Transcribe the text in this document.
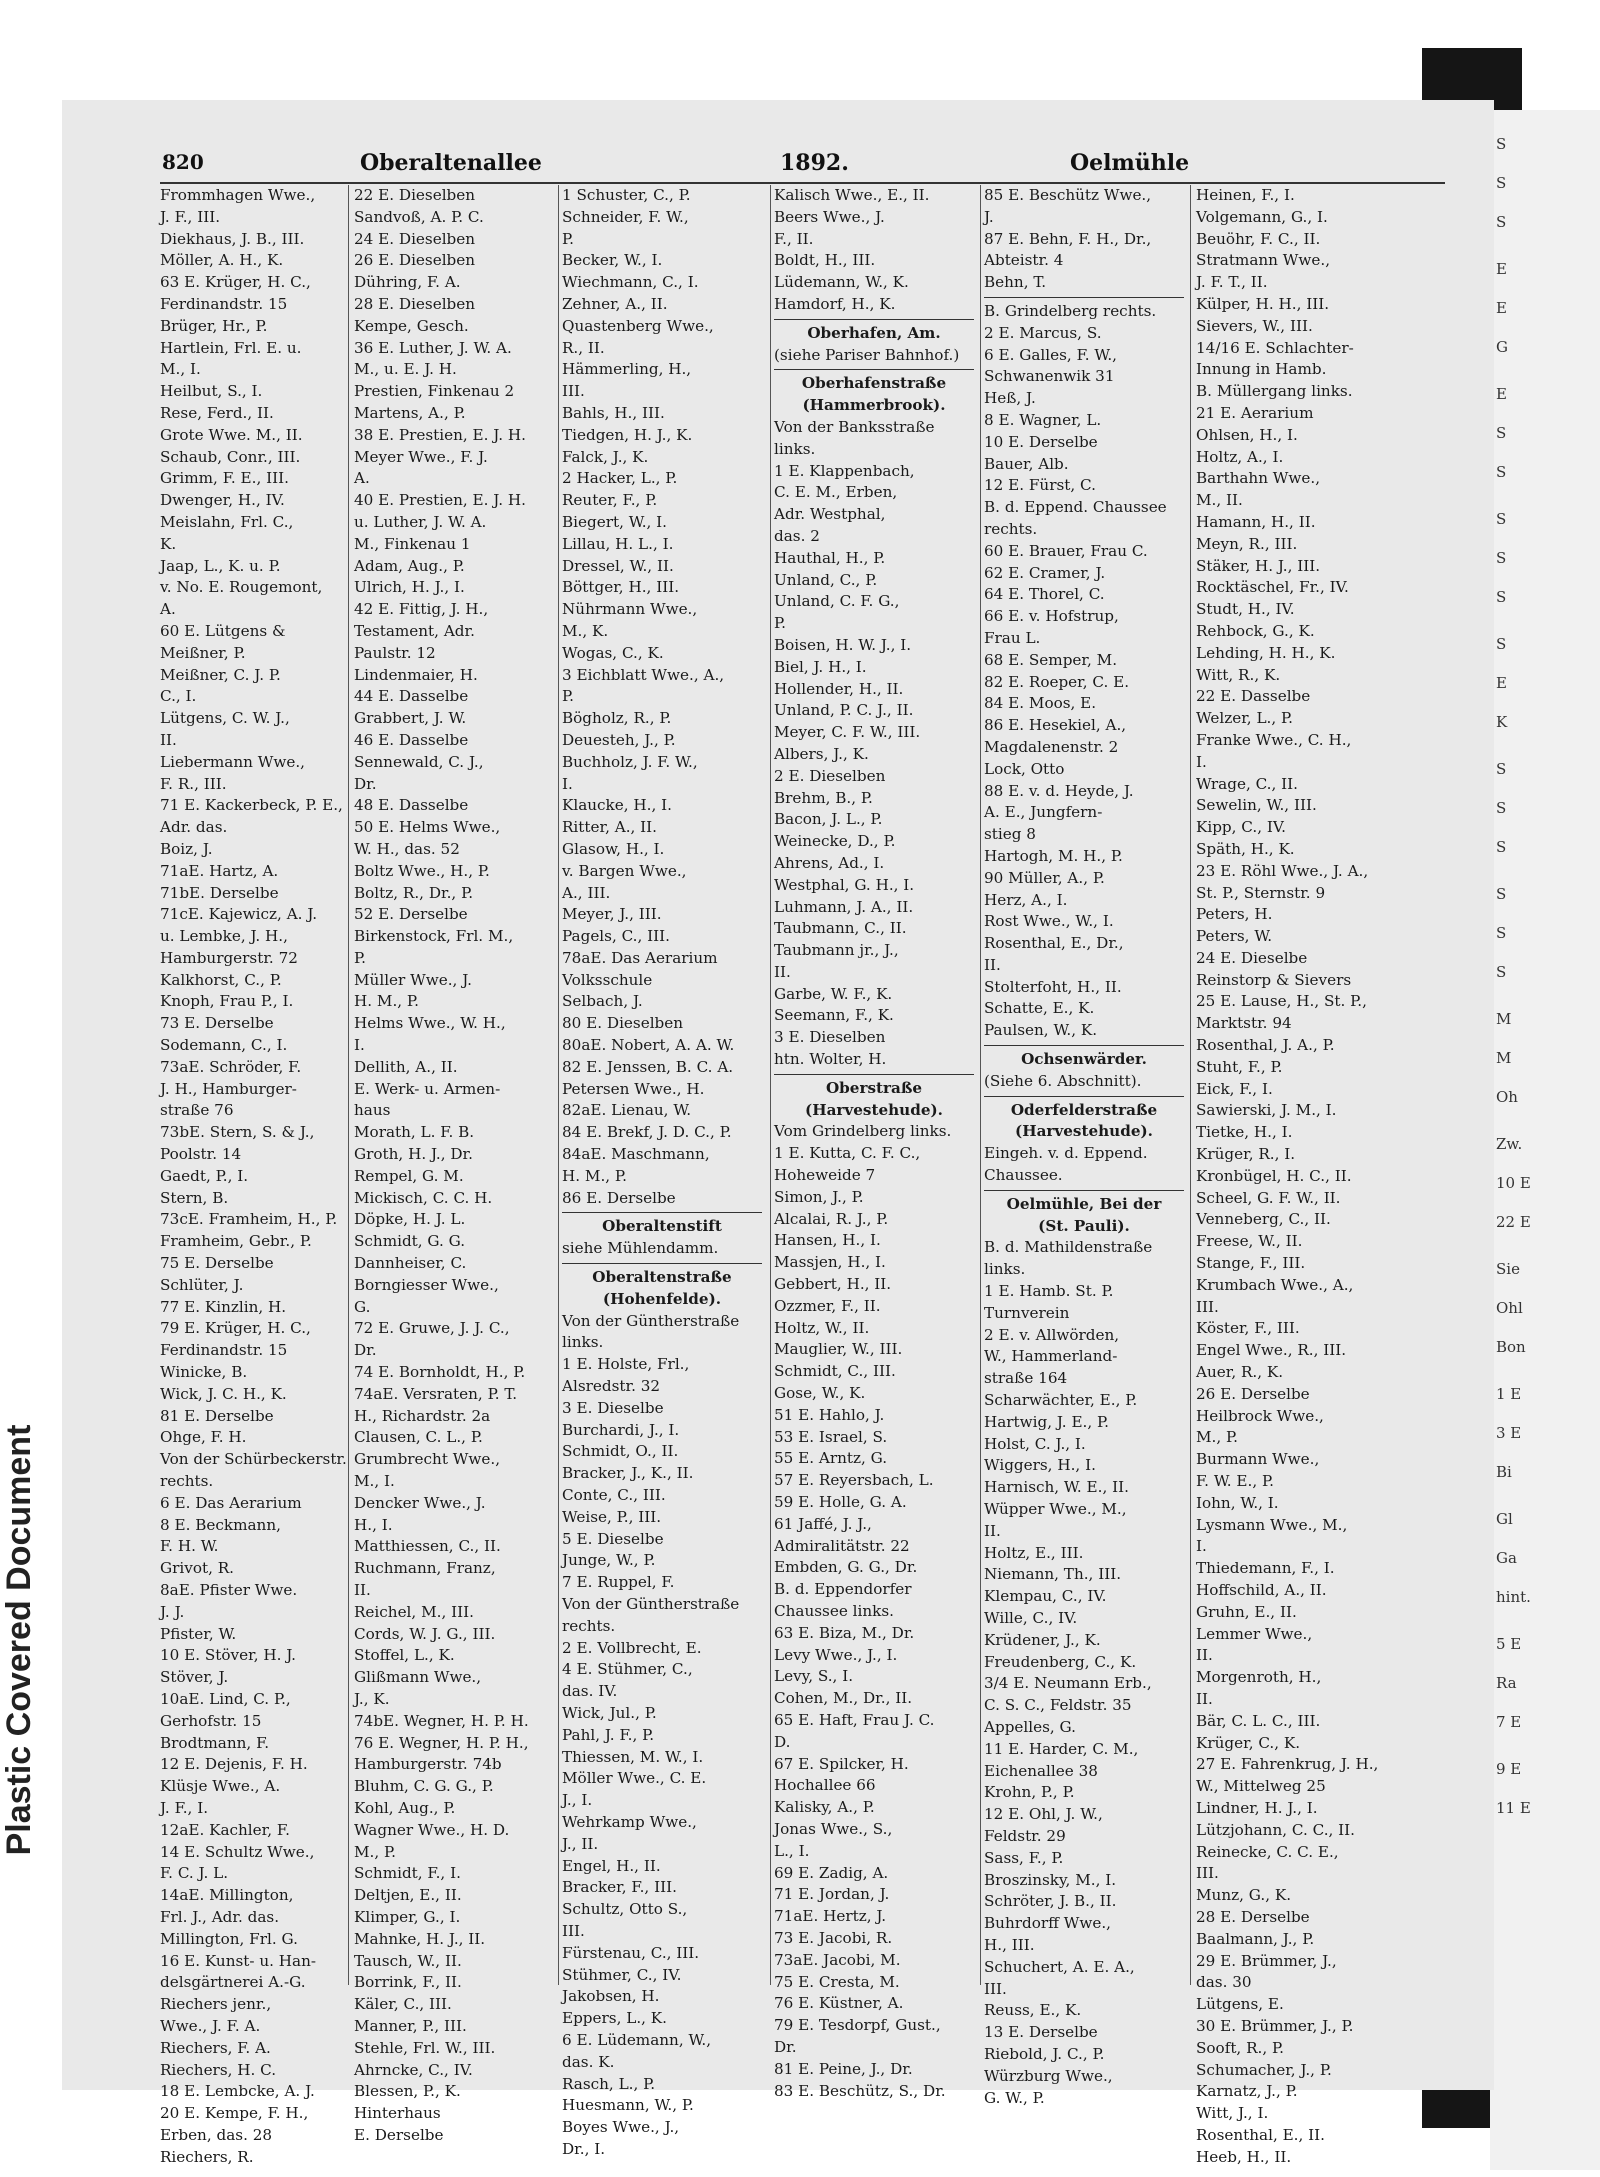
Plastic Covered Document
S
S
S
E
E
G
E
S
S
S
S
S
S
E
K
S
S
S
S
S
S
M
M
Oh
Zw.
10 E
22 E
Sie
Ohl
Bon
1 E
3 E
Bi
Gl
Ga
hint.
5 E
Ra
7 E
9 E
11 E
820	Oberaltenallee	1892.	Oelmühle
Frommhagen Wwe.,
J. F., III.
Diekhaus, J. B., III.
Möller, A. H., K.
63 E. Krüger, H. C.,
Ferdinandstr. 15
Brüger, Hr., P.
Hartlein, Frl. E. u.
M., I.
Heilbut, S., I.
Rese, Ferd., II.
Grote Wwe. M., II.
Schaub, Conr., III.
Grimm, F. E., III.
Dwenger, H., IV.
Meislahn, Frl. C.,
K.
Jaap, L., K. u. P.
v. No. E. Rougemont,
A.
60 E. Lütgens &
Meißner, P.
Meißner, C. J. P.
C., I.
Lütgens, C. W. J.,
II.
Liebermann Wwe.,
F. R., III.
71 E. Kackerbeck, P. E.,
Adr. das.
Boiz, J.
71aE. Hartz, A.
71bE. Derselbe
71cE. Kajewicz, A. J.
u. Lembke, J. H.,
Hamburgerstr. 72
Kalkhorst, C., P.
Knoph, Frau P., I.
73 E. Derselbe
Sodemann, C., I.
73aE. Schröder, F.
J. H., Hamburger-
straße 76
73bE. Stern, S. & J.,
Poolstr. 14
Gaedt, P., I.
Stern, B.
73cE. Framheim, H., P.
Framheim, Gebr., P.
75 E. Derselbe
Schlüter, J.
77 E. Kinzlin, H.
79 E. Krüger, H. C.,
Ferdinandstr. 15
Winicke, B.
Wick, J. C. H., K.
81 E. Derselbe
Ohge, F. H.
Von der Schürbeckerstr.
rechts.
6 E. Das Aerarium
8 E. Beckmann,
F. H. W.
Grivot, R.
8aE. Pfister Wwe.
J. J.
Pfister, W.
10 E. Stöver, H. J.
Stöver, J.
10aE. Lind, C. P.,
Gerhofstr. 15
Brodtmann, F.
12 E. Dejenis, F. H.
Klüsje Wwe., A.
J. F., I.
12aE. Kachler, F.
14 E. Schultz Wwe.,
F. C. J. L.
14aE. Millington,
Frl. J., Adr. das.
Millington, Frl. G.
16 E. Kunst- u. Han-
delsgärtnerei A.-G.
Riechers jenr.,
Wwe., J. F. A.
Riechers, F. A.
Riechers, H. C.
18 E. Lembcke, A. J.
20 E. Kempe, F. H.,
Erben, das. 28
Riechers, R.
22 E. Dieselben
Sandvoß, A. P. C.
24 E. Dieselben
26 E. Dieselben
Dühring, F. A.
28 E. Dieselben
Kempe, Gesch.
36 E. Luther, J. W. A.
M., u. E. J. H.
Prestien, Finkenau 2
Martens, A., P.
38 E. Prestien, E. J. H.
Meyer Wwe., F. J.
A.
40 E. Prestien, E. J. H.
u. Luther, J. W. A.
M., Finkenau 1
Adam, Aug., P.
Ulrich, H. J., I.
42 E. Fittig, J. H.,
Testament, Adr.
Paulstr. 12
Lindenmaier, H.
44 E. Dasselbe
Grabbert, J. W.
46 E. Dasselbe
Sennewald, C. J.,
Dr.
48 E. Dasselbe
50 E. Helms Wwe.,
W. H., das. 52
Boltz Wwe., H., P.
Boltz, R., Dr., P.
52 E. Derselbe
Birkenstock, Frl. M.,
P.
Müller Wwe., J.
H. M., P.
Helms Wwe., W. H.,
I.
Dellith, A., II.
E. Werk- u. Armen-
haus
Morath, L. F. B.
Groth, H. J., Dr.
Rempel, G. M.
Mickisch, C. C. H.
Döpke, H. J. L.
Schmidt, G. G.
Dannheiser, C.
Borngiesser Wwe.,
G.
72 E. Gruwe, J. J. C.,
Dr.
74 E. Bornholdt, H., P.
74aE. Versraten, P. T.
H., Richardstr. 2a
Clausen, C. L., P.
Grumbrecht Wwe.,
M., I.
Dencker Wwe., J.
H., I.
Matthiessen, C., II.
Ruchmann, Franz,
II.
Reichel, M., III.
Cords, W. J. G., III.
Stoffel, L., K.
Glißmann Wwe.,
J., K.
74bE. Wegner, H. P. H.
76 E. Wegner, H. P. H.,
Hamburgerstr. 74b
Bluhm, C. G. G., P.
Kohl, Aug., P.
Wagner Wwe., H. D.
M., P.
Schmidt, F., I.
Deltjen, E., II.
Klimper, G., I.
Mahnke, H. J., II.
Tausch, W., II.
Borrink, F., II.
Käler, C., III.
Manner, P., III.
Stehle, Frl. W., III.
Ahrncke, C., IV.
Blessen, P., K.
Hinterhaus
E. Derselbe
1 Schuster, C., P.
Schneider, F. W.,
P.
Becker, W., I.
Wiechmann, C., I.
Zehner, A., II.
Quastenberg Wwe.,
R., II.
Hämmerling, H.,
III.
Bahls, H., III.
Tiedgen, H. J., K.
Falck, J., K.
2 Hacker, L., P.
Reuter, F., P.
Biegert, W., I.
Lillau, H. L., I.
Dressel, W., II.
Böttger, H., III.
Nührmann Wwe.,
M., K.
Wogas, C., K.
3 Eichblatt Wwe., A.,
P.
Bögholz, R., P.
Deuesteh, J., P.
Buchholz, J. F. W.,
I.
Klaucke, H., I.
Ritter, A., II.
Glasow, H., I.
v. Bargen Wwe.,
A., III.
Meyer, J., III.
Pagels, C., III.
78aE. Das Aerarium
Volksschule
Selbach, J.
80 E. Dieselben
80aE. Nobert, A. A. W.
82 E. Jenssen, B. C. A.
Petersen Wwe., H.
82aE. Lienau, W.
84 E. Brekf, J. D. C., P.
84aE. Maschmann,
H. M., P.
86 E. Derselbe
Oberaltenstift
siehe Mühlendamm.
Oberaltenstraße
(Hohenfelde).
Von der Güntherstraße
links.
1 E. Holste, Frl.,
Alsredstr. 32
3 E. Dieselbe
Burchardi, J., I.
Schmidt, O., II.
Bracker, J., K., II.
Conte, C., III.
Weise, P., III.
5 E. Dieselbe
Junge, W., P.
7 E. Ruppel, F.
Von der Güntherstraße
rechts.
2 E. Vollbrecht, E.
4 E. Stühmer, C.,
das. IV.
Wick, Jul., P.
Pahl, J. F., P.
Thiessen, M. W., I.
Möller Wwe., C. E.
J., I.
Wehrkamp Wwe.,
J., II.
Engel, H., II.
Bracker, F., III.
Schultz, Otto S.,
III.
Fürstenau, C., III.
Stühmer, C., IV.
Jakobsen, H.
Eppers, L., K.
6 E. Lüdemann, W.,
das. K.
Rasch, L., P.
Huesmann, W., P.
Boyes Wwe., J.,
Dr., I.
Kalisch Wwe., E., II.
Beers Wwe., J.
F., II.
Boldt, H., III.
Lüdemann, W., K.
Hamdorf, H., K.
Oberhafen, Am.
(siehe Pariser Bahnhof.)
Oberhafenstraße
(Hammerbrook).
Von der Banksstraße
links.
1 E. Klappenbach,
C. E. M., Erben,
Adr. Westphal,
das. 2
Hauthal, H., P.
Unland, C., P.
Unland, C. F. G.,
P.
Boisen, H. W. J., I.
Biel, J. H., I.
Hollender, H., II.
Unland, P. C. J., II.
Meyer, C. F. W., III.
Albers, J., K.
2 E. Dieselben
Brehm, B., P.
Bacon, J. L., P.
Weinecke, D., P.
Ahrens, Ad., I.
Westphal, G. H., I.
Luhmann, J. A., II.
Taubmann, C., II.
Taubmann jr., J.,
II.
Garbe, W. F., K.
Seemann, F., K.
3 E. Dieselben
htn. Wolter, H.
Oberstraße
(Harvestehude).
Vom Grindelberg links.
1 E. Kutta, C. F. C.,
Hoheweide 7
Simon, J., P.
Alcalai, R. J., P.
Hansen, H., I.
Massjen, H., I.
Gebbert, H., II.
Ozzmer, F., II.
Holtz, W., II.
Mauglier, W., III.
Schmidt, C., III.
Gose, W., K.
51 E. Hahlo, J.
53 E. Israel, S.
55 E. Arntz, G.
57 E. Reyersbach, L.
59 E. Holle, G. A.
61 Jaffé, J. J.,
Admiralitätstr. 22
Embden, G. G., Dr.
B. d. Eppendorfer
Chaussee links.
63 E. Biza, M., Dr.
Levy Wwe., J., I.
Levy, S., I.
Cohen, M., Dr., II.
65 E. Haft, Frau J. C.
D.
67 E. Spilcker, H.
Hochallee 66
Kalisky, A., P.
Jonas Wwe., S.,
L., I.
69 E. Zadig, A.
71 E. Jordan, J.
71aE. Hertz, J.
73 E. Jacobi, R.
73aE. Jacobi, M.
75 E. Cresta, M.
76 E. Küstner, A.
79 E. Tesdorpf, Gust.,
Dr.
81 E. Peine, J., Dr.
83 E. Beschütz, S., Dr.
85 E. Beschütz Wwe.,
J.
87 E. Behn, F. H., Dr.,
Abteistr. 4
Behn, T.
B. Grindelberg rechts.
2 E. Marcus, S.
6 E. Galles, F. W.,
Schwanenwik 31
Heß, J.
8 E. Wagner, L.
10 E. Derselbe
Bauer, Alb.
12 E. Fürst, C.
B. d. Eppend. Chaussee
rechts.
60 E. Brauer, Frau C.
62 E. Cramer, J.
64 E. Thorel, C.
66 E. v. Hofstrup,
Frau L.
68 E. Semper, M.
82 E. Roeper, C. E.
84 E. Moos, E.
86 E. Hesekiel, A.,
Magdalenenstr. 2
Lock, Otto
88 E. v. d. Heyde, J.
A. E., Jungfern-
stieg 8
Hartogh, M. H., P.
90 Müller, A., P.
Herz, A., I.
Rost Wwe., W., I.
Rosenthal, E., Dr.,
II.
Stolterfoht, H., II.
Schatte, E., K.
Paulsen, W., K.
Ochsenwärder.
(Siehe 6. Abschnitt).
Oderfelderstraße
(Harvestehude).
Eingeh. v. d. Eppend.
Chaussee.
Oelmühle, Bei der
(St. Pauli).
B. d. Mathildenstraße
links.
1 E. Hamb. St. P.
Turnverein
2 E. v. Allwörden,
W., Hammerland-
straße 164
Scharwächter, E., P.
Hartwig, J. E., P.
Holst, C. J., I.
Wiggers, H., I.
Harnisch, W. E., II.
Wüpper Wwe., M.,
II.
Holtz, E., III.
Niemann, Th., III.
Klempau, C., IV.
Wille, C., IV.
Krüdener, J., K.
Freudenberg, C., K.
3/4 E. Neumann Erb.,
C. S. C., Feldstr. 35
Appelles, G.
11 E. Harder, C. M.,
Eichenallee 38
Krohn, P., P.
12 E. Ohl, J. W.,
Feldstr. 29
Sass, F., P.
Broszinsky, M., I.
Schröter, J. B., II.
Buhrdorff Wwe.,
H., III.
Schuchert, A. E. A.,
III.
Reuss, E., K.
13 E. Derselbe
Riebold, J. C., P.
Würzburg Wwe.,
G. W., P.
Heinen, F., I.
Volgemann, G., I.
Beuöhr, F. C., II.
Stratmann Wwe.,
J. F. T., II.
Külper, H. H., III.
Sievers, W., III.
14/16 E. Schlachter-
Innung in Hamb.
B. Müllergang links.
21 E. Aerarium
Ohlsen, H., I.
Holtz, A., I.
Barthahn Wwe.,
M., II.
Hamann, H., II.
Meyn, R., III.
Stäker, H. J., III.
Rocktäschel, Fr., IV.
Studt, H., IV.
Rehbock, G., K.
Lehding, H. H., K.
Witt, R., K.
22 E. Dasselbe
Welzer, L., P.
Franke Wwe., C. H.,
I.
Wrage, C., II.
Sewelin, W., III.
Kipp, C., IV.
Späth, H., K.
23 E. Röhl Wwe., J. A.,
St. P., Sternstr. 9
Peters, H.
Peters, W.
24 E. Dieselbe
Reinstorp & Sievers
25 E. Lause, H., St. P.,
Marktstr. 94
Rosenthal, J. A., P.
Stuht, F., P.
Eick, F., I.
Sawierski, J. M., I.
Tietke, H., I.
Krüger, R., I.
Kronbügel, H. C., II.
Scheel, G. F. W., II.
Venneberg, C., II.
Freese, W., II.
Stange, F., III.
Krumbach Wwe., A.,
III.
Köster, F., III.
Engel Wwe., R., III.
Auer, R., K.
26 E. Derselbe
Heilbrock Wwe.,
M., P.
Burmann Wwe.,
F. W. E., P.
Iohn, W., I.
Lysmann Wwe., M.,
I.
Thiedemann, F., I.
Hoffschild, A., II.
Gruhn, E., II.
Lemmer Wwe.,
II.
Morgenroth, H.,
II.
Bär, C. L. C., III.
Krüger, C., K.
27 E. Fahrenkrug, J. H.,
W., Mittelweg 25
Lindner, H. J., I.
Lützjohann, C. C., II.
Reinecke, C. C. E.,
III.
Munz, G., K.
28 E. Derselbe
Baalmann, J., P.
29 E. Brümmer, J.,
das. 30
Lütgens, E.
30 E. Brümmer, J., P.
Sooft, R., P.
Schumacher, J., P.
Karnatz, J., P.
Witt, J., I.
Rosenthal, E., II.
Heeb, H., II.
